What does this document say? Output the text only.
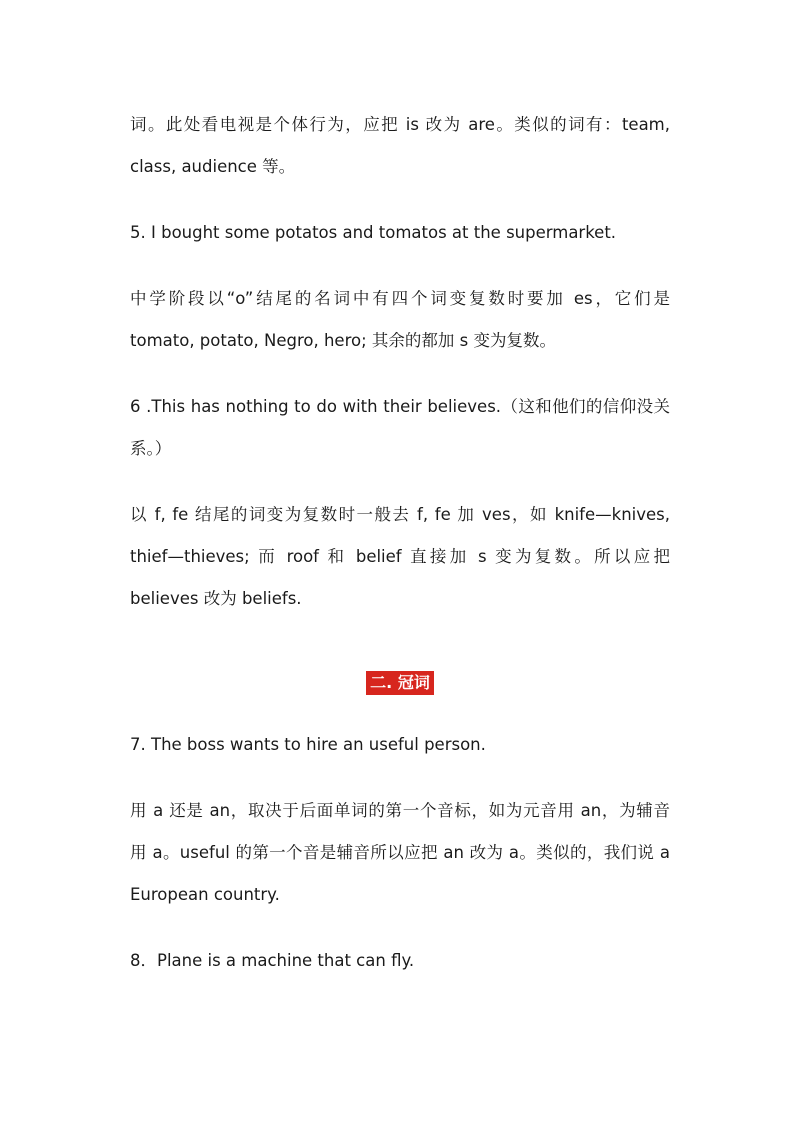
词。此处看电视是个体行为，应把 is 改为 are。类似的词有：team,

class, audience 等。

5. I bought some potatos and tomatos at the supermarket.

中学阶段以“o”结尾的名词中有四个词变复数时要加 es，它们是

tomato, potato, Negro, hero; 其余的都加 s 变为复数。

6 .This has nothing to do with their believes.（这和他们的信仰没关

系。）

以 f, fe 结尾的词变为复数时一般去 f, fe 加 ves，如 knife—knives,

thief—thieves; 而 roof 和 belief 直接加 s 变为复数。所以应把

believes 改为 beliefs.

二. 冠词

7. The boss wants to hire an useful person.

用 a 还是 an，取决于后面单词的第一个音标，如为元音用 an，为辅音

用 a。useful 的第一个音是辅音所以应把 an 改为 a。类似的，我们说 a

European country.

8．Plane is a machine that can fly.
